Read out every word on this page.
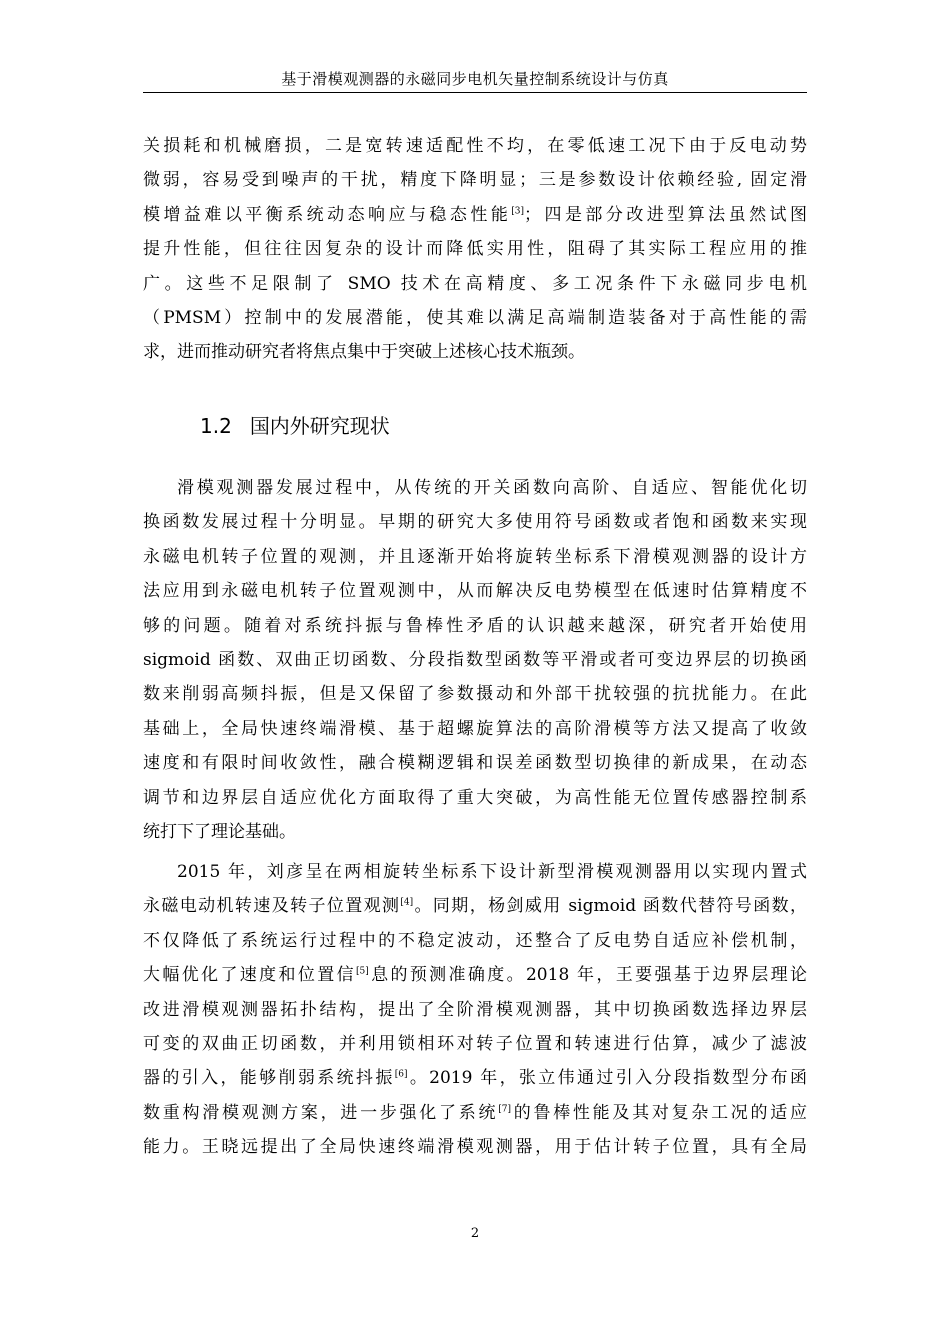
基于滑模观测器的永磁同步电机矢量控制系统设计与仿真
关损耗和机械磨损，二是宽转速适配性不均，在零低速工况下由于反电动势
微弱，容易受到噪声的干扰，精度下降明显；三是参数设计依赖经验, 固定滑
模增益难以平衡系统动态响应与稳态性能[3]；四是部分改进型算法虽然试图
提升性能，但往往因复杂的设计而降低实用性，阻碍了其实际工程应用的推
广。这些不足限制了 SMO 技术在高精度、多工况条件下永磁同步电机
（PMSM）控制中的发展潜能，使其难以满足高端制造装备对于高性能的需
求，进而推动研究者将焦点集中于突破上述核心技术瓶颈。
1.2 国内外研究现状
滑模观测器发展过程中，从传统的开关函数向高阶、自适应、智能优化切
换函数发展过程十分明显。早期的研究大多使用符号函数或者饱和函数来实现
永磁电机转子位置的观测，并且逐渐开始将旋转坐标系下滑模观测器的设计方
法应用到永磁电机转子位置观测中，从而解决反电势模型在低速时估算精度不
够的问题。随着对系统抖振与鲁棒性矛盾的认识越来越深，研究者开始使用
sigmoid 函数、双曲正切函数、分段指数型函数等平滑或者可变边界层的切换函
数来削弱高频抖振，但是又保留了参数摄动和外部干扰较强的抗扰能力。在此
基础上，全局快速终端滑模、基于超螺旋算法的高阶滑模等方法又提高了收敛
速度和有限时间收敛性，融合模糊逻辑和误差函数型切换律的新成果，在动态
调节和边界层自适应优化方面取得了重大突破，为高性能无位置传感器控制系
统打下了理论基础。
2015 年，刘彦呈在两相旋转坐标系下设计新型滑模观测器用以实现内置式
永磁电动机转速及转子位置观测[4]。同期，杨剑威用 sigmoid 函数代替符号函数，
不仅降低了系统运行过程中的不稳定波动，还整合了反电势自适应补偿机制，
大幅优化了速度和位置信[5]息的预测准确度。2018 年，王要强基于边界层理论
改进滑模观测器拓扑结构，提出了全阶滑模观测器，其中切换函数选择边界层
可变的双曲正切函数，并利用锁相环对转子位置和转速进行估算，减少了滤波
器的引入，能够削弱系统抖振[6]。2019 年，张立伟通过引入分段指数型分布函
数重构滑模观测方案，进一步强化了系统[7]的鲁棒性能及其对复杂工况的适应
能力。王晓远提出了全局快速终端滑模观测器，用于估计转子位置，具有全局
2
